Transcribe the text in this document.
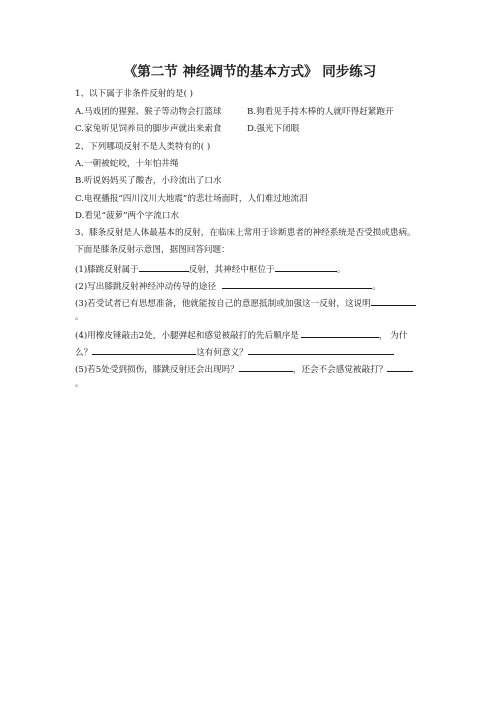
《第二节 神经调节的基本方式》 同步练习
1、以下属于非条件反射的是( )
A.马戏团的猩猩、猴子等动物会打篮球	B.狗看见手持木棒的人就吓得赶紧跑开
C.家兔听见饲养员的脚步声就出来索食	D.强光下闭眼
2、下列哪项反射不是人类特有的( )
A.一朝被蛇咬，十年怕井绳
B.听说妈妈买了酸杏，小玲流出了口水
C.电视播报“四川汶川大地震”的悲壮场面时，人们难过地流泪
D.看见“菠萝”两个字流口水
3、膝条反射是人体最基本的反射，在临床上常用于诊断患者的神经系统是否受损或患病。
下面是膝条反射示意图，据图回答问题：
(1)膝跳反射属于	反射，其神经中枢位于	。
(2)写出膝跳反射神经冲动传导的途径	。
(3)若受试者已有思想准备，他就能按自己的意愿抵制或加强这一反射，这说明
。
(4)用橡皮锤敲击2处，小腿弹起和感觉被敲打的先后顺序是	， 为什
么？	这有何意义？
(5)若5处受到损伤，膝跳反射还会出现吗？	，还会不会感觉被敲打？
。
